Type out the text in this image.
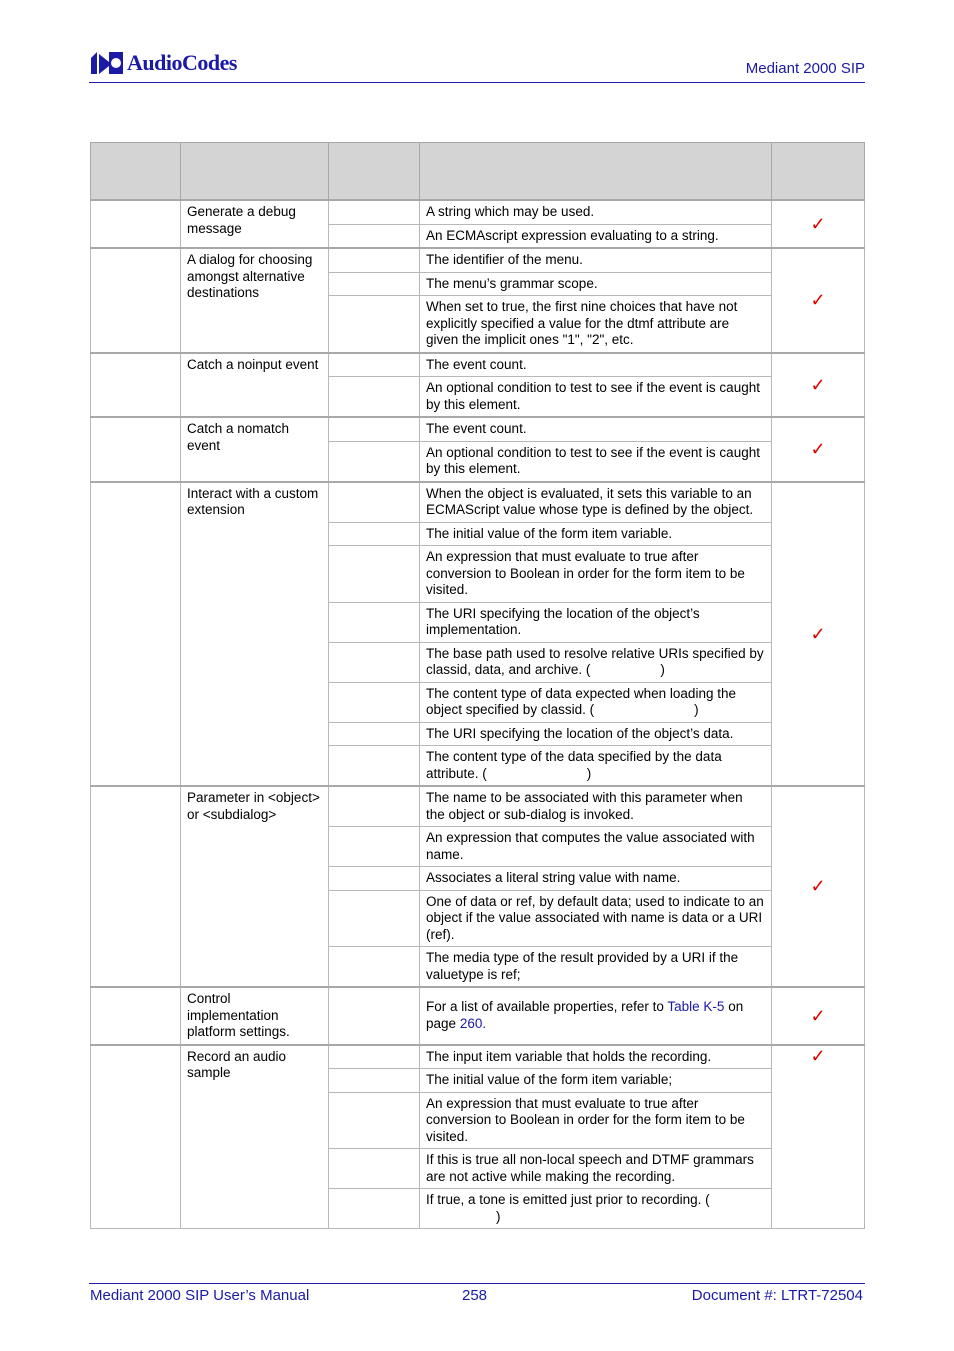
AudioCodes	Mediant 2000 SIP

	Generate a debug message		A string which may be used.	✓
			An ECMAscript expression evaluating to a string.	
	A dialog for choosing amongst alternative destinations		The identifier of the menu.	✓
			The menu’s grammar scope.	
			When set to true, the first nine choices that have not explicitly specified a value for the dtmf attribute are given the implicit ones "1", "2", etc.	
	Catch a noinput event		The event count.	✓
			An optional condition to test to see if the event is caught by this element.	
	Catch a nomatch event		The event count.	✓
			An optional condition to test to see if the event is caught by this element.	
	Interact with a custom extension		When the object is evaluated, it sets this variable to an ECMAScript value whose type is defined by the object.	✓
			The initial value of the form item variable.	
			An expression that must evaluate to true after conversion to Boolean in order for the form item to be visited.	
			The URI specifying the location of the object’s implementation.	
			The base path used to resolve relative URIs specified by classid, data, and archive. ( )	
			The content type of data expected when loading the object specified by classid. ( )	
			The URI specifying the location of the object’s data.	
			The content type of the data specified by the data attribute. ( )	
	Parameter in <object> or <subdialog>		The name to be associated with this parameter when the object or sub-dialog is invoked.	✓
			An expression that computes the value associated with name.	
			Associates a literal string value with name.	
			One of data or ref, by default data; used to indicate to an object if the value associated with name is data or a URI (ref).	
			The media type of the result provided by a URI if the valuetype is ref;	
	Control implementation platform settings.		For a list of available properties, refer to Table K-5 on page 260.	✓
	Record an audio sample		The input item variable that holds the recording.	✓
			The initial value of the form item variable;	
			An expression that must evaluate to true after conversion to Boolean in order for the form item to be visited.	
			If this is true all non-local speech and DTMF grammars are not active while making the recording.	
			If true, a tone is emitted just prior to recording. ()	
Mediant 2000 SIP User’s Manual	258	Document #: LTRT-72504
